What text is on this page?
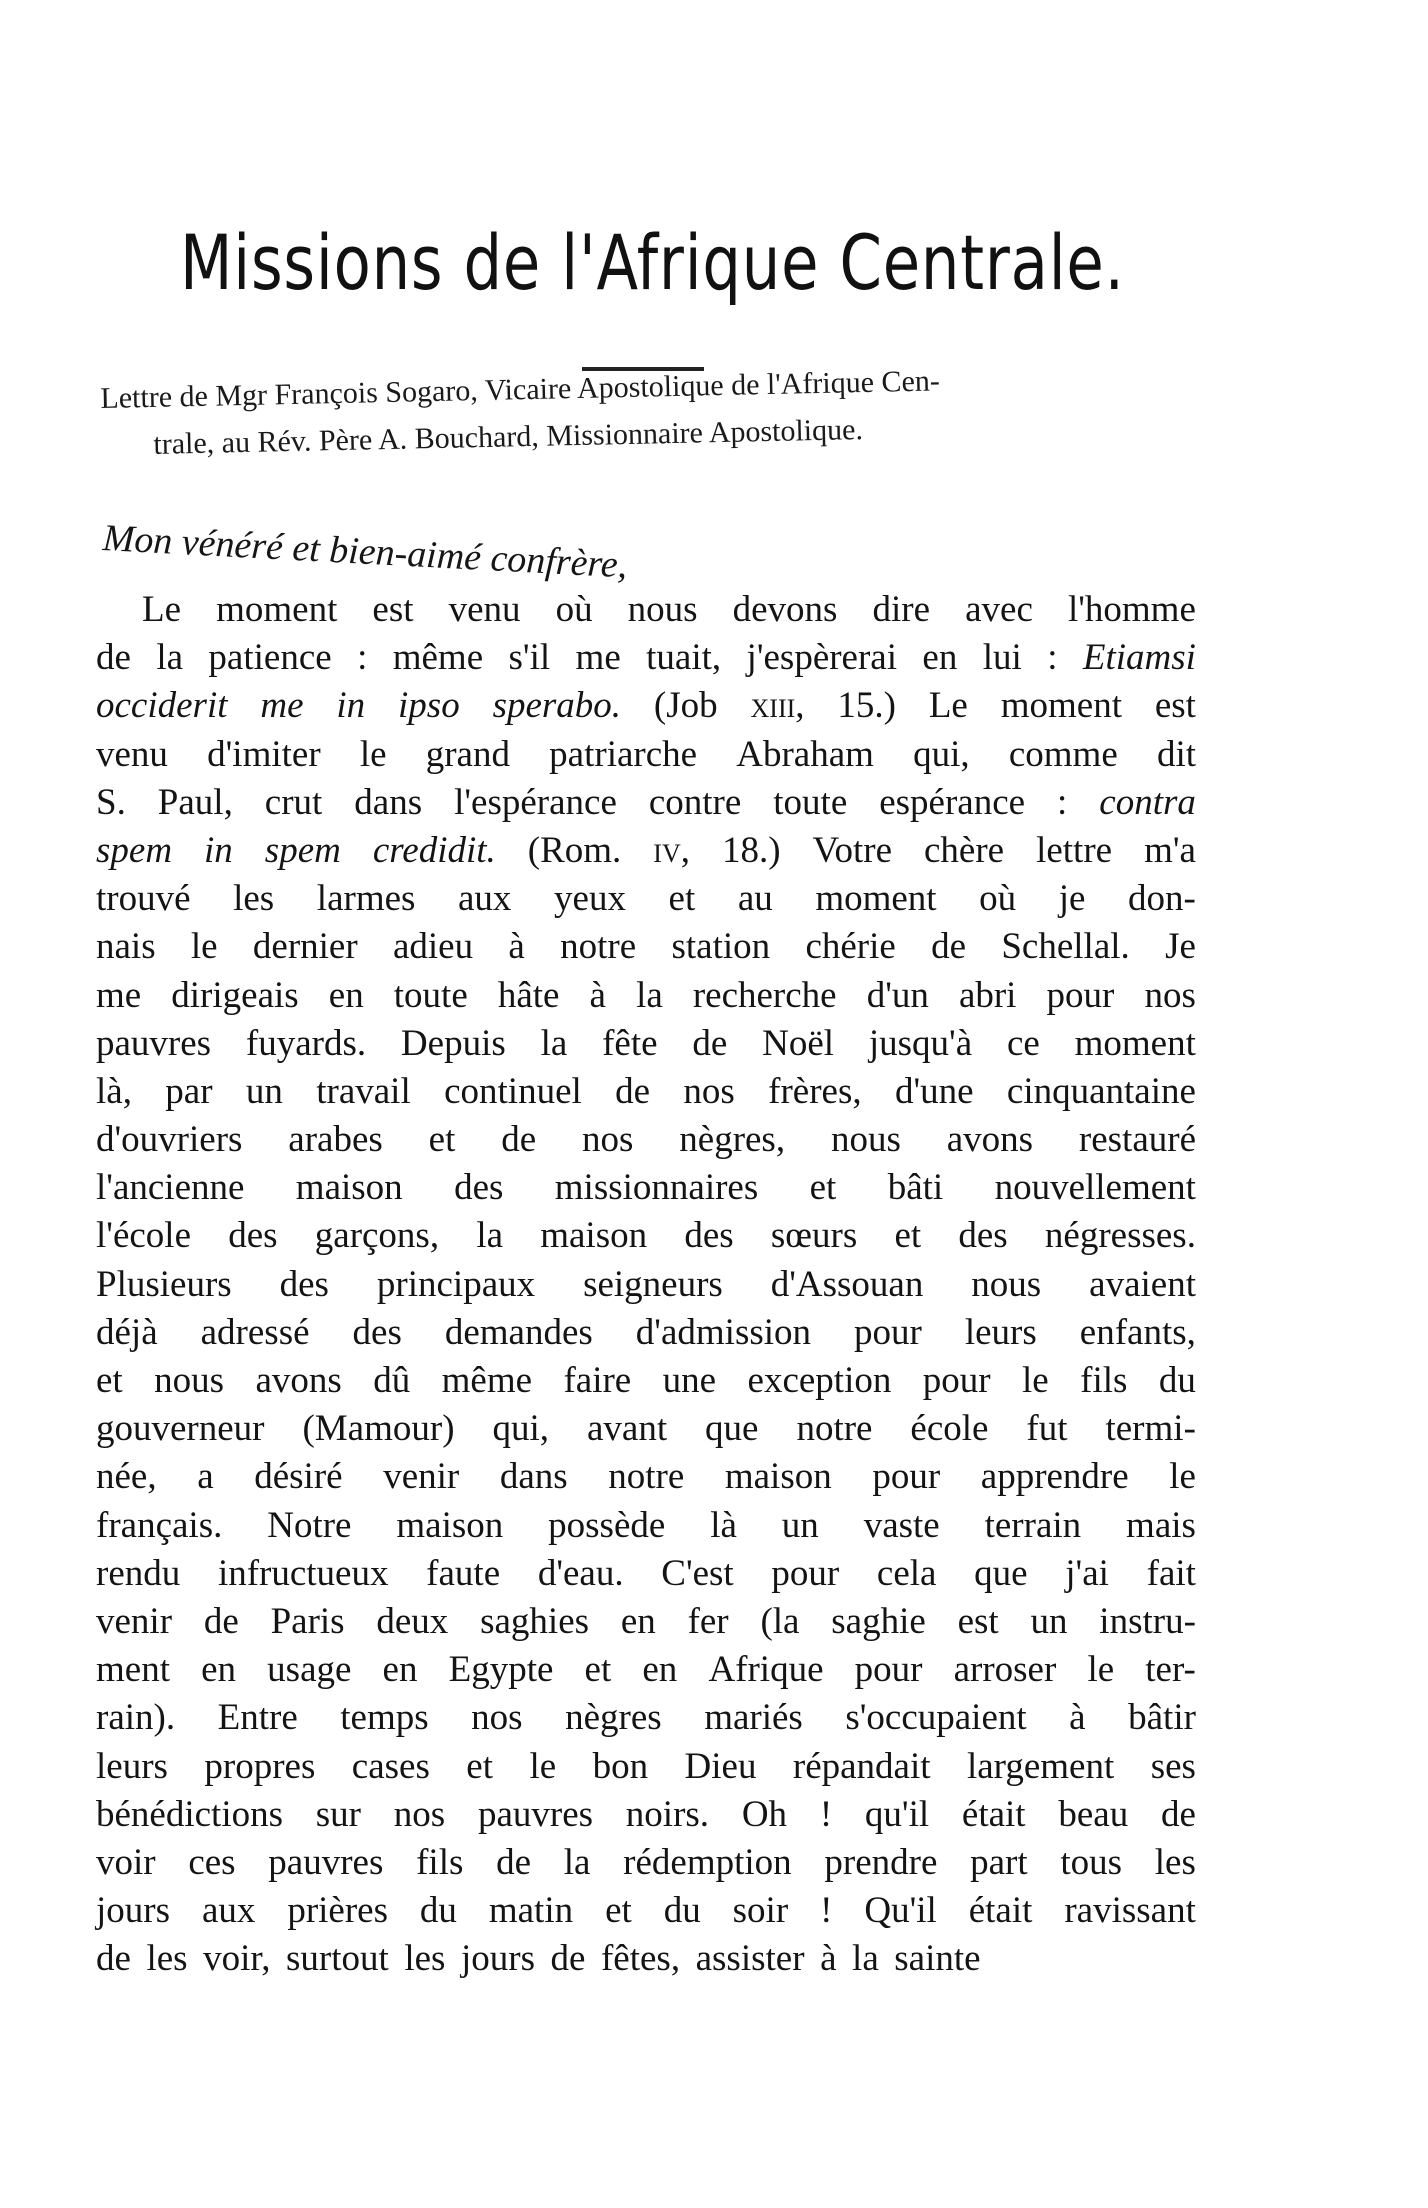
Missions de l'Afrique Centrale.
Lettre de Mgr François Sogaro, Vicaire Apostolique de l'Afrique Cen-
trale, au Rév. Père A. Bouchard, Missionnaire Apostolique.
Mon vénéré et bien-aimé confrère,
Le moment est venu où nous devons dire avec l'homme
de la patience : même s'il me tuait, j'espèrerai en lui : Etiamsi
occiderit me in ipso sperabo. (Job xiii, 15.) Le moment est
venu d'imiter le grand patriarche Abraham qui, comme dit
S. Paul, crut dans l'espérance contre toute espérance : contra
spem in spem credidit. (Rom. iv, 18.) Votre chère lettre m'a
trouvé les larmes aux yeux et au moment où je don-
nais le dernier adieu à notre station chérie de Schellal. Je
me dirigeais en toute hâte à la recherche d'un abri pour nos
pauvres fuyards. Depuis la fête de Noël jusqu'à ce moment
là, par un travail continuel de nos frères, d'une cinquantaine
d'ouvriers arabes et de nos nègres, nous avons restauré
l'ancienne maison des missionnaires et bâti nouvellement
l'école des garçons, la maison des sœurs et des négresses.
Plusieurs des principaux seigneurs d'Assouan nous avaient
déjà adressé des demandes d'admission pour leurs enfants,
et nous avons dû même faire une exception pour le fils du
gouverneur (Mamour) qui, avant que notre école fut termi-
née, a désiré venir dans notre maison pour apprendre le
français. Notre maison possède là un vaste terrain mais
rendu infructueux faute d'eau. C'est pour cela que j'ai fait
venir de Paris deux saghies en fer (la saghie est un instru-
ment en usage en Egypte et en Afrique pour arroser le ter-
rain). Entre temps nos nègres mariés s'occupaient à bâtir
leurs propres cases et le bon Dieu répandait largement ses
bénédictions sur nos pauvres noirs. Oh ! qu'il était beau de
voir ces pauvres fils de la rédemption prendre part tous les
jours aux prières du matin et du soir ! Qu'il était ravissant
de les voir, surtout les jours de fêtes, assister à la sainte
